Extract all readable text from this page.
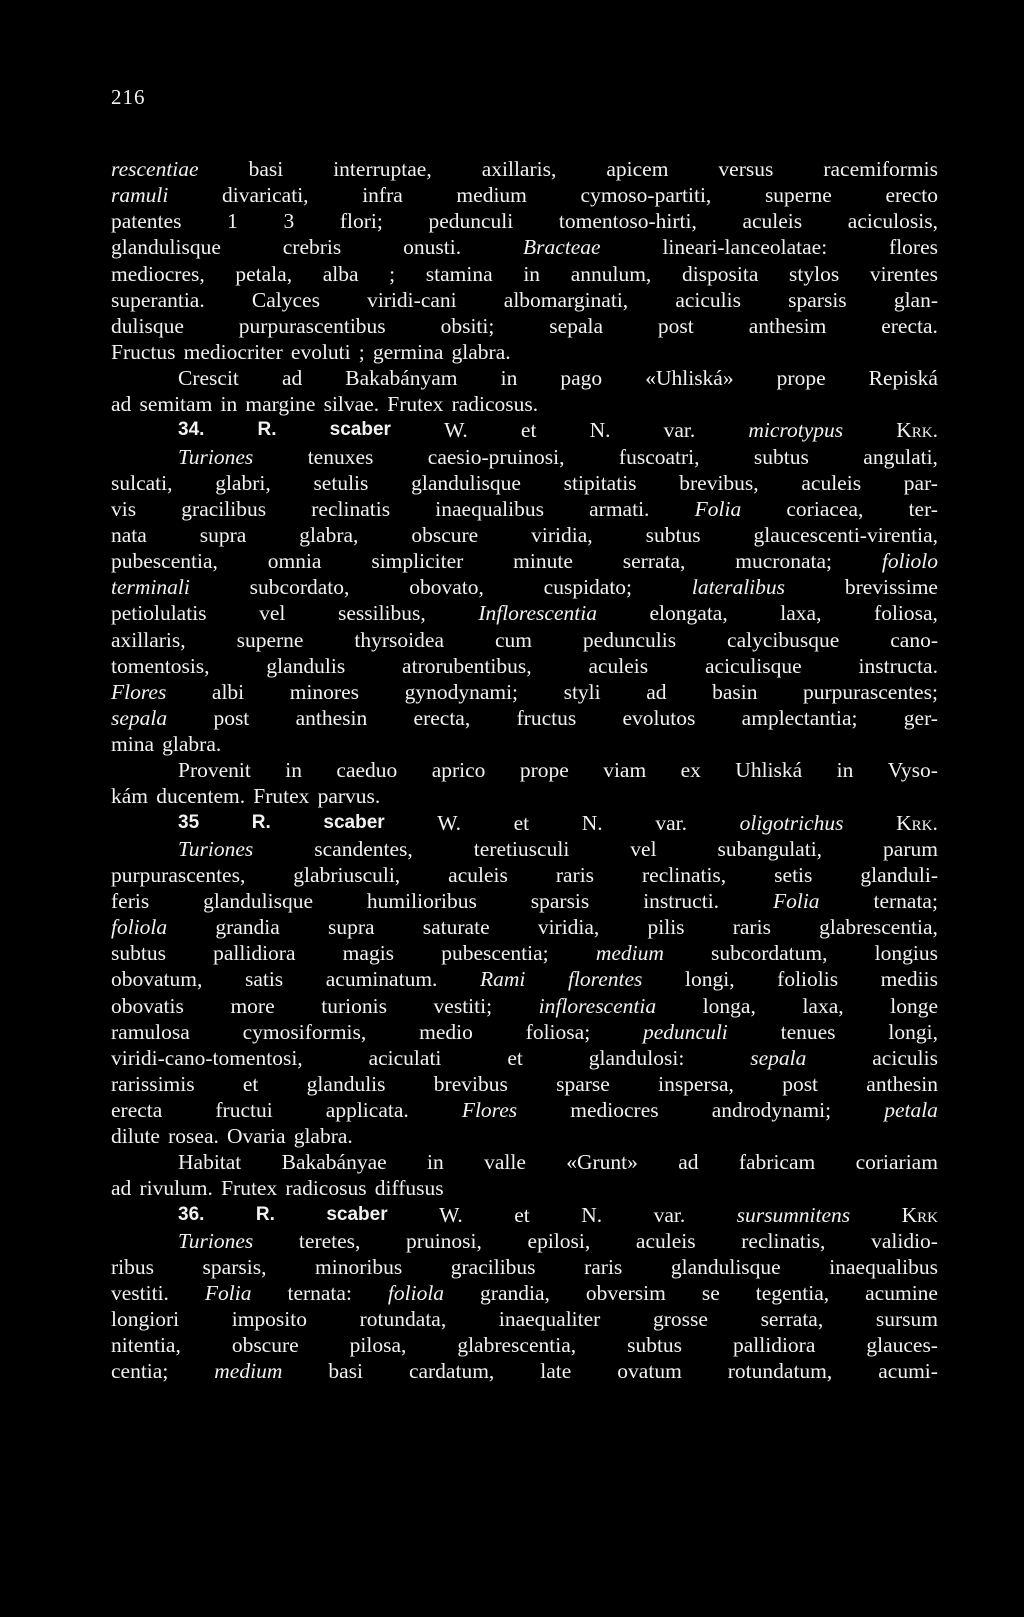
216
rescentiae basi interruptae, axillaris, apicem versus racemiformis
ramuli divaricati, infra medium cymoso-partiti, superne erecto
patentes 1 3 flori; pedunculi tomentoso-hirti, aculeis aciculosis,
glandulisque	crebris	onusti.	Bracteae	lineari-lanceolatae:	flores
mediocres, petala, alba ; stamina in annulum, disposita stylos virentes
superantia. Calyces viridi-cani albomarginati, aciculis sparsis glan-
dulisque	purpurascentibus	obsiti;	sepala	post	anthesim	erecta.
Fructus mediocriter evoluti ; germina glabra.
Crescit ad Bakabányam in pago «Uhliská» prope Repiská
ad semitam in margine silvae. Frutex radicosus.
34.	R.	scaber W. et N. var. microtypus Krk.
Turiones	tenuxes	caesio-pruinosi,	fuscoatri,	subtus	angulati,
sulcati, glabri, setulis glandulisque stipitatis brevibus, aculeis par-
vis gracilibus reclinatis inaequalibus armati. Folia coriacea, ter-
nata supra glabra, obscure viridia, subtus glaucescenti-virentia,
pubescentia, omnia simpliciter minute serrata, mucronata; foliolo
terminali	subcordato,	obovato,	cuspidato;	lateralibus	brevissime
petiolulatis vel sessilibus, Inflorescentia elongata, laxa, foliosa,
axillaris, superne thyrsoidea cum pedunculis calycibusque cano-
tomentosis,	glandulis	atrorubentibus,	aculeis	aciculisque	instructa.
Flores albi minores gynodynami; styli ad basin purpurascentes;
sepala post anthesin erecta, fructus evolutos amplectantia; ger-
mina glabra.
Provenit in caeduo aprico prope viam ex Uhliská in Vyso-
kám ducentem. Frutex parvus.
35	R.	scaber W. et N. var. oligotrichus Krk.
Turiones	scandentes,	teretiusculi	vel	subangulati,	parum
purpurascentes, glabriusculi, aculeis raris reclinatis, setis glanduli-
feris	glandulisque	humilioribus	sparsis	instructi.	Folia	ternata;
foliola grandia supra saturate viridia, pilis raris glabrescentia,
subtus pallidiora magis pubescentia; medium subcordatum, longius
obovatum, satis acuminatum. Rami florentes longi, foliolis mediis
obovatis more turionis vestiti; inflorescentia longa, laxa, longe
ramulosa cymosiformis, medio foliosa; pedunculi tenues longi,
viridi-cano-tomentosi,	aciculati	et	glandulosi:	sepala	aciculis
rarissimis et glandulis brevibus sparse inspersa, post anthesin
erecta fructui applicata. Flores mediocres androdynami; petala
dilute rosea. Ovaria glabra.
Habitat Bakabányae in valle «Grunt» ad fabricam coriariam
ad rivulum. Frutex radicosus diffusus
36.	R.	scaber W. et N. var. sursumnitens Krk
Turiones teretes, pruinosi, epilosi, aculeis reclinatis, validio-
ribus sparsis, minoribus gracilibus raris glandulisque inaequalibus
vestiti. Folia ternata: foliola grandia, obversim se tegentia, acumine
longiori imposito rotundata, inaequaliter grosse serrata, sursum
nitentia, obscure pilosa, glabrescentia, subtus pallidiora glauces-
centia; medium basi cardatum, late ovatum rotundatum, acumi-
